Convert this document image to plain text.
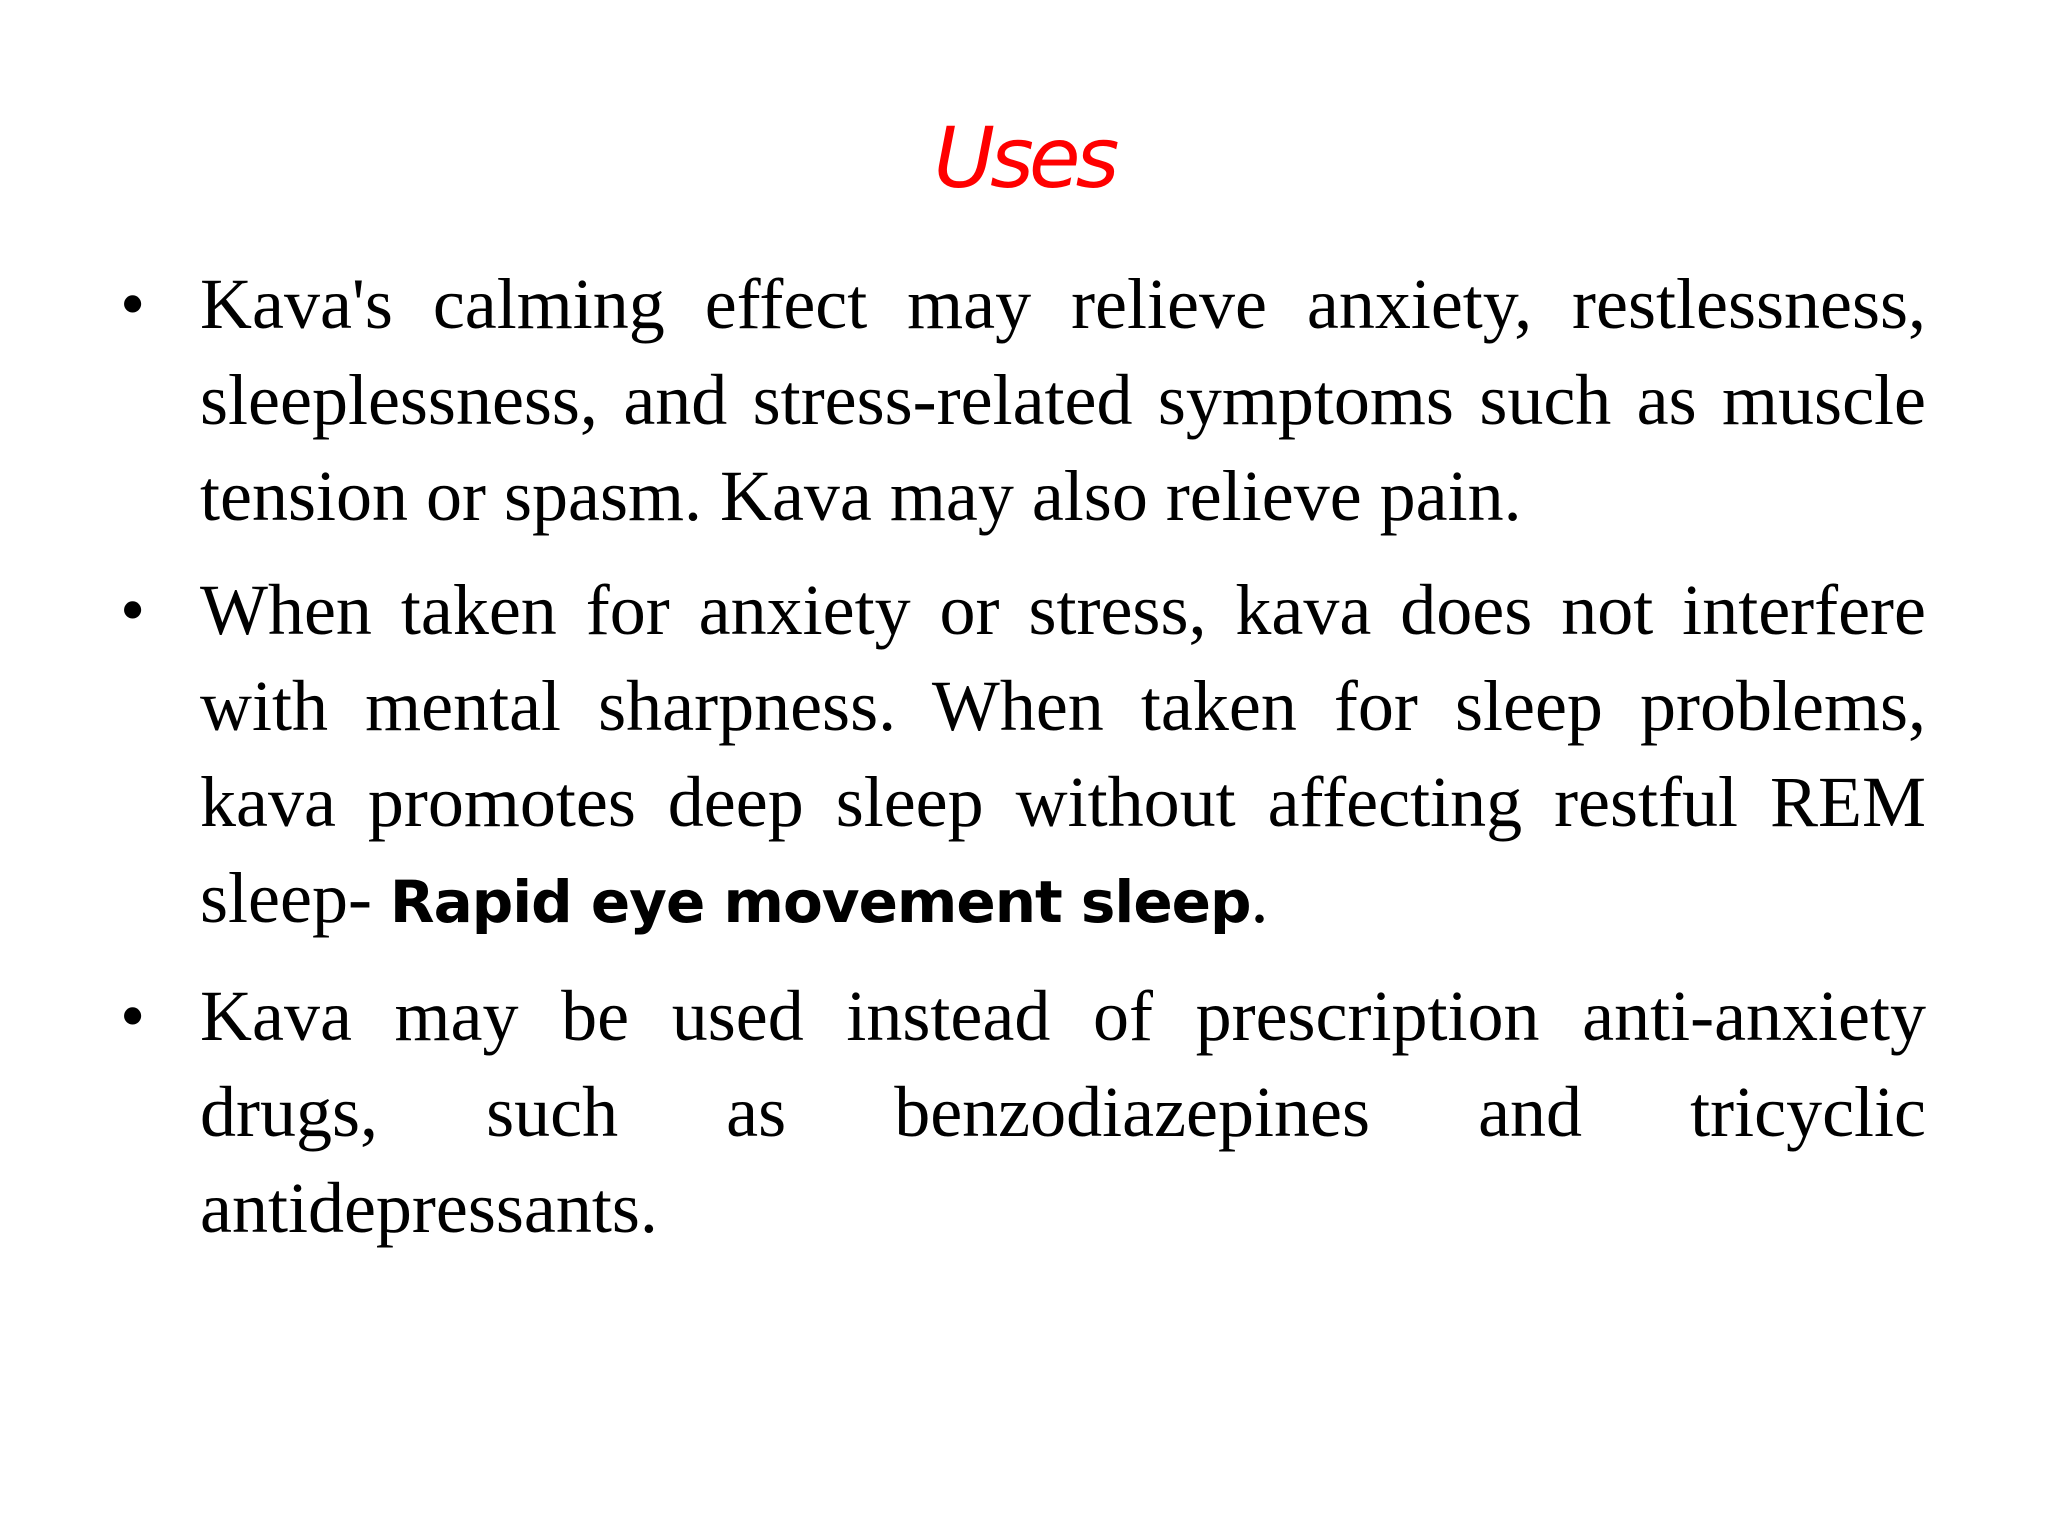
Uses
• Kava's calming effect may relieve anxiety, restlessness, sleeplessness, and stress-related symptoms such as muscle tension or spasm. Kava may also relieve pain.
• When taken for anxiety or stress, kava does not interfere with mental sharpness. When taken for sleep problems, kava promotes deep sleep without affecting restful REM sleep- Rapid eye movement sleep.
• Kava may be used instead of prescription anti-anxiety drugs, such as benzodiazepines and tricyclic antidepressants.
